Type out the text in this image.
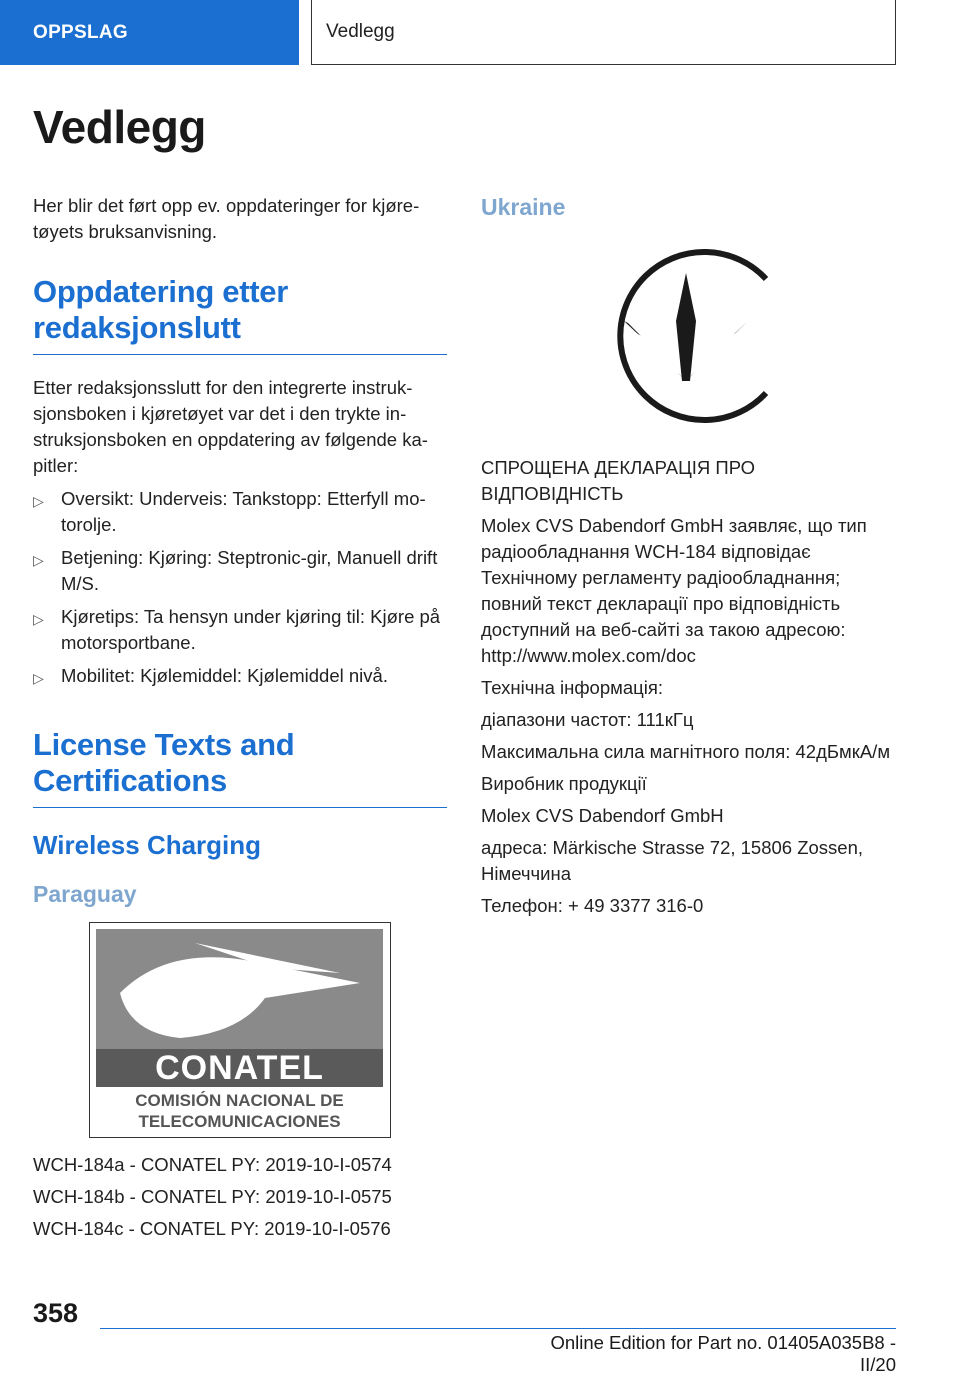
OPPSLAG	Vedlegg
Vedlegg

Her blir det ført opp ev. oppdateringer for kjøretøyets bruksanvisning.

Oppdatering etter redaksjonslutt

Etter redaksjonsslutt for den integrerte instruksjonsboken i kjøretøyet var det i den trykte instruksjonsboken en oppdatering av følgende kapitler:

▷ Oversikt: Underveis: Tankstopp: Etterfyll motorolje.
▷ Betjening: Kjøring: Steptronic-gir, Manuell drift M/S.
▷ Kjøretips: Ta hensyn under kjøring til: Kjøre på motorsportbane.
▷ Mobilitet: Kjølemiddel: Kjølemiddel nivå.
License Texts and Certifications
Wireless Charging
Paraguay
CONATEL
COMISIÓN NACIONAL DE
TELECOMUNICACIONES

WCH-184a - CONATEL PY: 2019-10-I-0574

WCH-184b - CONATEL PY: 2019-10-I-0575

WCH-184c - CONATEL PY: 2019-10-I-0576

Ukraine

СПРОЩЕНА ДЕКЛАРАЦІЯ ПРО ВІДПОВІДНІСТЬ

Molex CVS Dabendorf GmbH заявляє, що тип радіообладнання WCH-184 відповідає Технічному регламенту радіообладнання; повний текст декларації про відповідність доступний на веб-сайті за такою адресою: http://www.molex.com/doc

Технічна інформація:

діапазони частот: 111кГц

Максимальна сила магнітного поля: 42дБмкА/м

Виробник продукції

Molex CVS Dabendorf GmbH

адреса: Märkische Strasse 72, 15806 Zossen, Німеччина

Телефон: + 49 3377 316-0

358
Online Edition for Part no. 01405A035B8 - II/20
